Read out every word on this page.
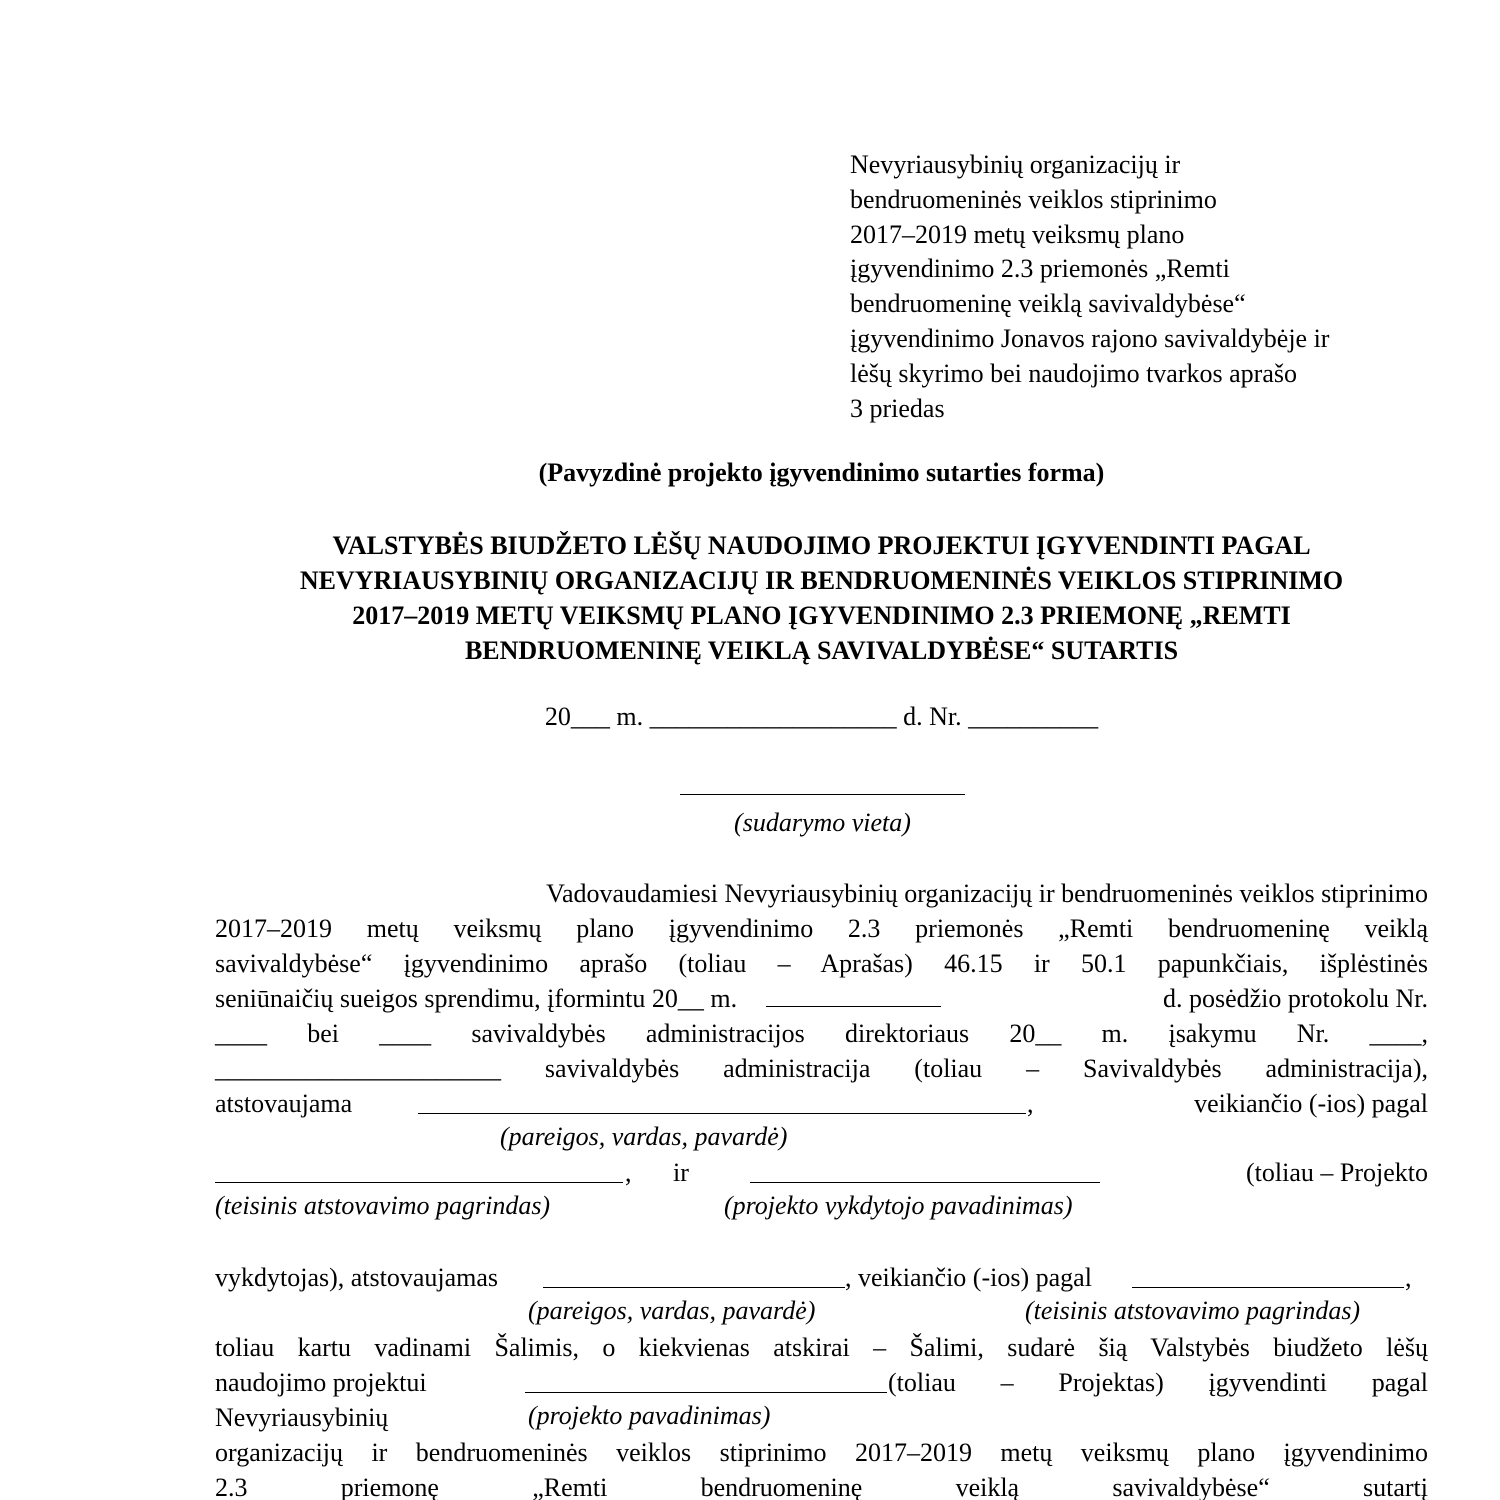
Nevyriausybinių organizacijų ir
bendruomeninės veiklos stiprinimo
2017–2019 metų veiksmų plano
įgyvendinimo 2.3 priemonės „Remti
bendruomeninę veiklą savivaldybėse“
įgyvendinimo Jonavos rajono savivaldybėje ir
lėšų skyrimo bei naudojimo tvarkos aprašo
3 priedas
(Pavyzdinė projekto įgyvendinimo sutarties forma)
VALSTYBĖS BIUDŽETO LĖŠŲ NAUDOJIMO PROJEKTUI ĮGYVENDINTI PAGAL
NEVYRIAUSYBINIŲ ORGANIZACIJŲ IR BENDRUOMENINĖS VEIKLOS STIPRINIMO
2017–2019 METŲ VEIKSMŲ PLANO ĮGYVENDINIMO 2.3 PRIEMONĘ „REMTI
BENDRUOMENINĘ VEIKLĄ SAVIVALDYBĖSE“ SUTARTIS
20___ m. ___________________ d. Nr. __________
(sudarymo vieta)
Vadovaudamiesi Nevyriausybinių organizacijų ir bendruomeninės veiklos stiprinimo
2017–2019 metų veiksmų plano įgyvendinimo 2.3 priemonės „Remti bendruomeninę veiklą
savivaldybėse“ įgyvendinimo aprašo (toliau – Aprašas) 46.15 ir 50.1 papunkčiais, išplėstinės
seniūnaičių sueigos sprendimu, įformintu 20__ m.	d. posėdžio protokolu Nr.
____ bei ____ savivaldybės administracijos direktoriaus 20__ m. įsakymu Nr. ____,
______________________ savivaldybės administracija (toliau – Savivaldybės administracija),
atstovaujama	,	veikiančio (-ios) pagal
(pareigos, vardas, pavardė)
, ir	(toliau – Projekto
(teisinis atstovavimo pagrindas)	(projekto vykdytojo pavadinimas)
vykdytojas), atstovaujamas	, veikiančio (-ios) pagal	,
(pareigos, vardas, pavardė)	(teisinis atstovavimo pagrindas)
toliau kartu vadinami Šalimis, o kiekvienas atskirai – Šalimi, sudarė šią Valstybės biudžeto lėšų
naudojimo projektui	(toliau – Projektas) įgyvendinti pagal
Nevyriausybinių	(projekto pavadinimas)
organizacijų ir bendruomeninės veiklos stiprinimo 2017–2019 metų veiksmų plano įgyvendinimo
2.3 priemonę „Remti bendruomeninę veiklą savivaldybėse“ sutartį
